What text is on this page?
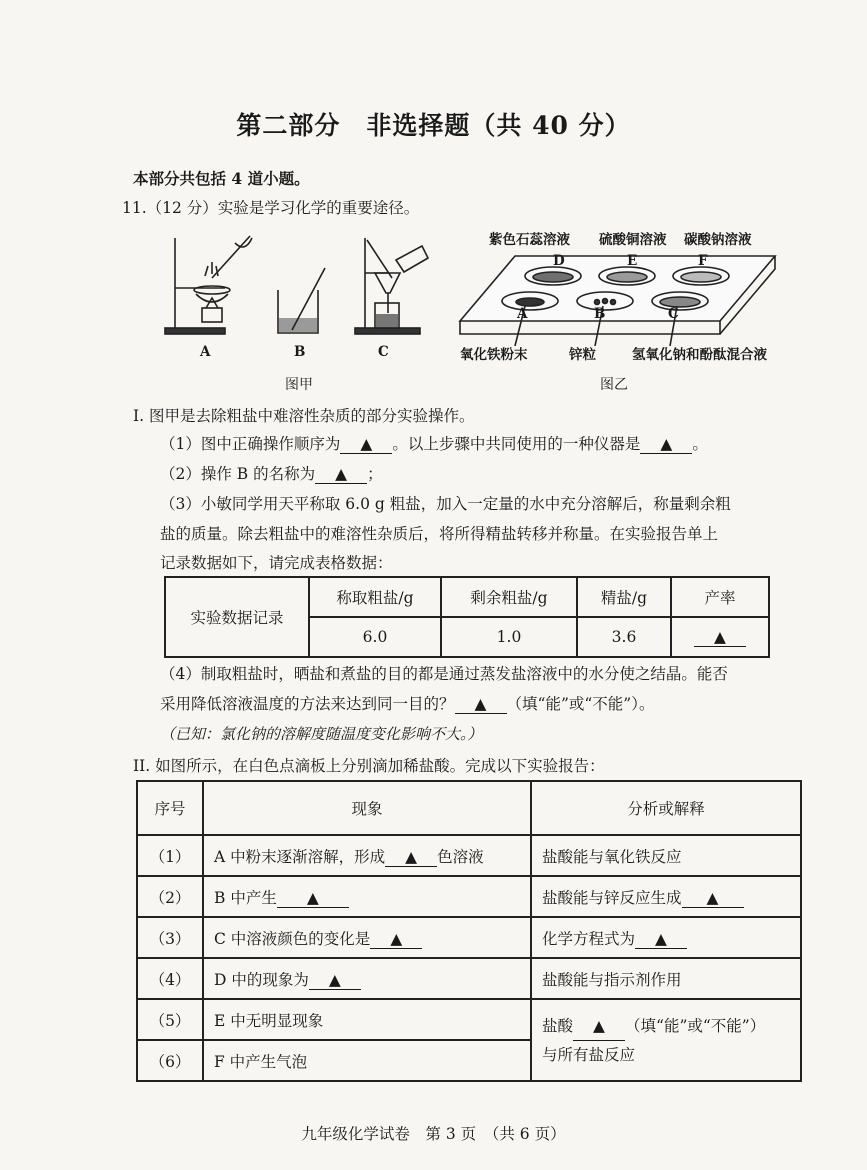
第二部分　非选择题（共 40 分）
本部分共包括 4 道小题。
11.（12 分）实验是学习化学的重要途径。
A	B	C
图甲
紫色石蕊溶液 硫酸铜溶液 碳酸钠溶液
D	E	F
A	B	C
氧化铁粉末	锌粒	氢氧化钠和酚酞混合液
图乙
I. 图甲是去除粗盐中难溶性杂质的部分实验操作。
（1）图中正确操作顺序为 ▲ 。以上步骤中共同使用的一种仪器是 ▲ 。
（2）操作 B 的名称为 ▲ ；
（3）小敏同学用天平称取 6.0 g 粗盐，加入一定量的水中充分溶解后，称量剩余粗
盐的质量。除去粗盐中的难溶性杂质后，将所得精盐转移并称量。在实验报告单上
记录数据如下，请完成表格数据：
实验数据记录	称取粗盐/g	剩余粗盐/g	精盐/g	产率
	6.0	1.0	3.6	▲
（4）制取粗盐时，晒盐和煮盐的目的都是通过蒸发盐溶液中的水分使之结晶。能否
采用降低溶液温度的方法来达到同一目的？ ▲ （填“能”或“不能”）。
（已知：氯化钠的溶解度随温度变化影响不大。）
II. 如图所示，在白色点滴板上分别滴加稀盐酸。完成以下实验报告：
序号	现象	分析或解释
（1）	A 中粉末逐渐溶解，形成 ▲ 色溶液	盐酸能与氧化铁反应
（2）	B 中产生 ▲	盐酸能与锌反应生成 ▲
（3）	C 中溶液颜色的变化是 ▲	化学方程式为 ▲
（4）	D 中的现象为 ▲	盐酸能与指示剂作用
（5）	E 中无明显现象	盐酸 ▲ （填“能”或“不能”）
与所有盐反应
（6）	F 中产生气泡	
九年级化学试卷　第 3 页　（共 6 页）
